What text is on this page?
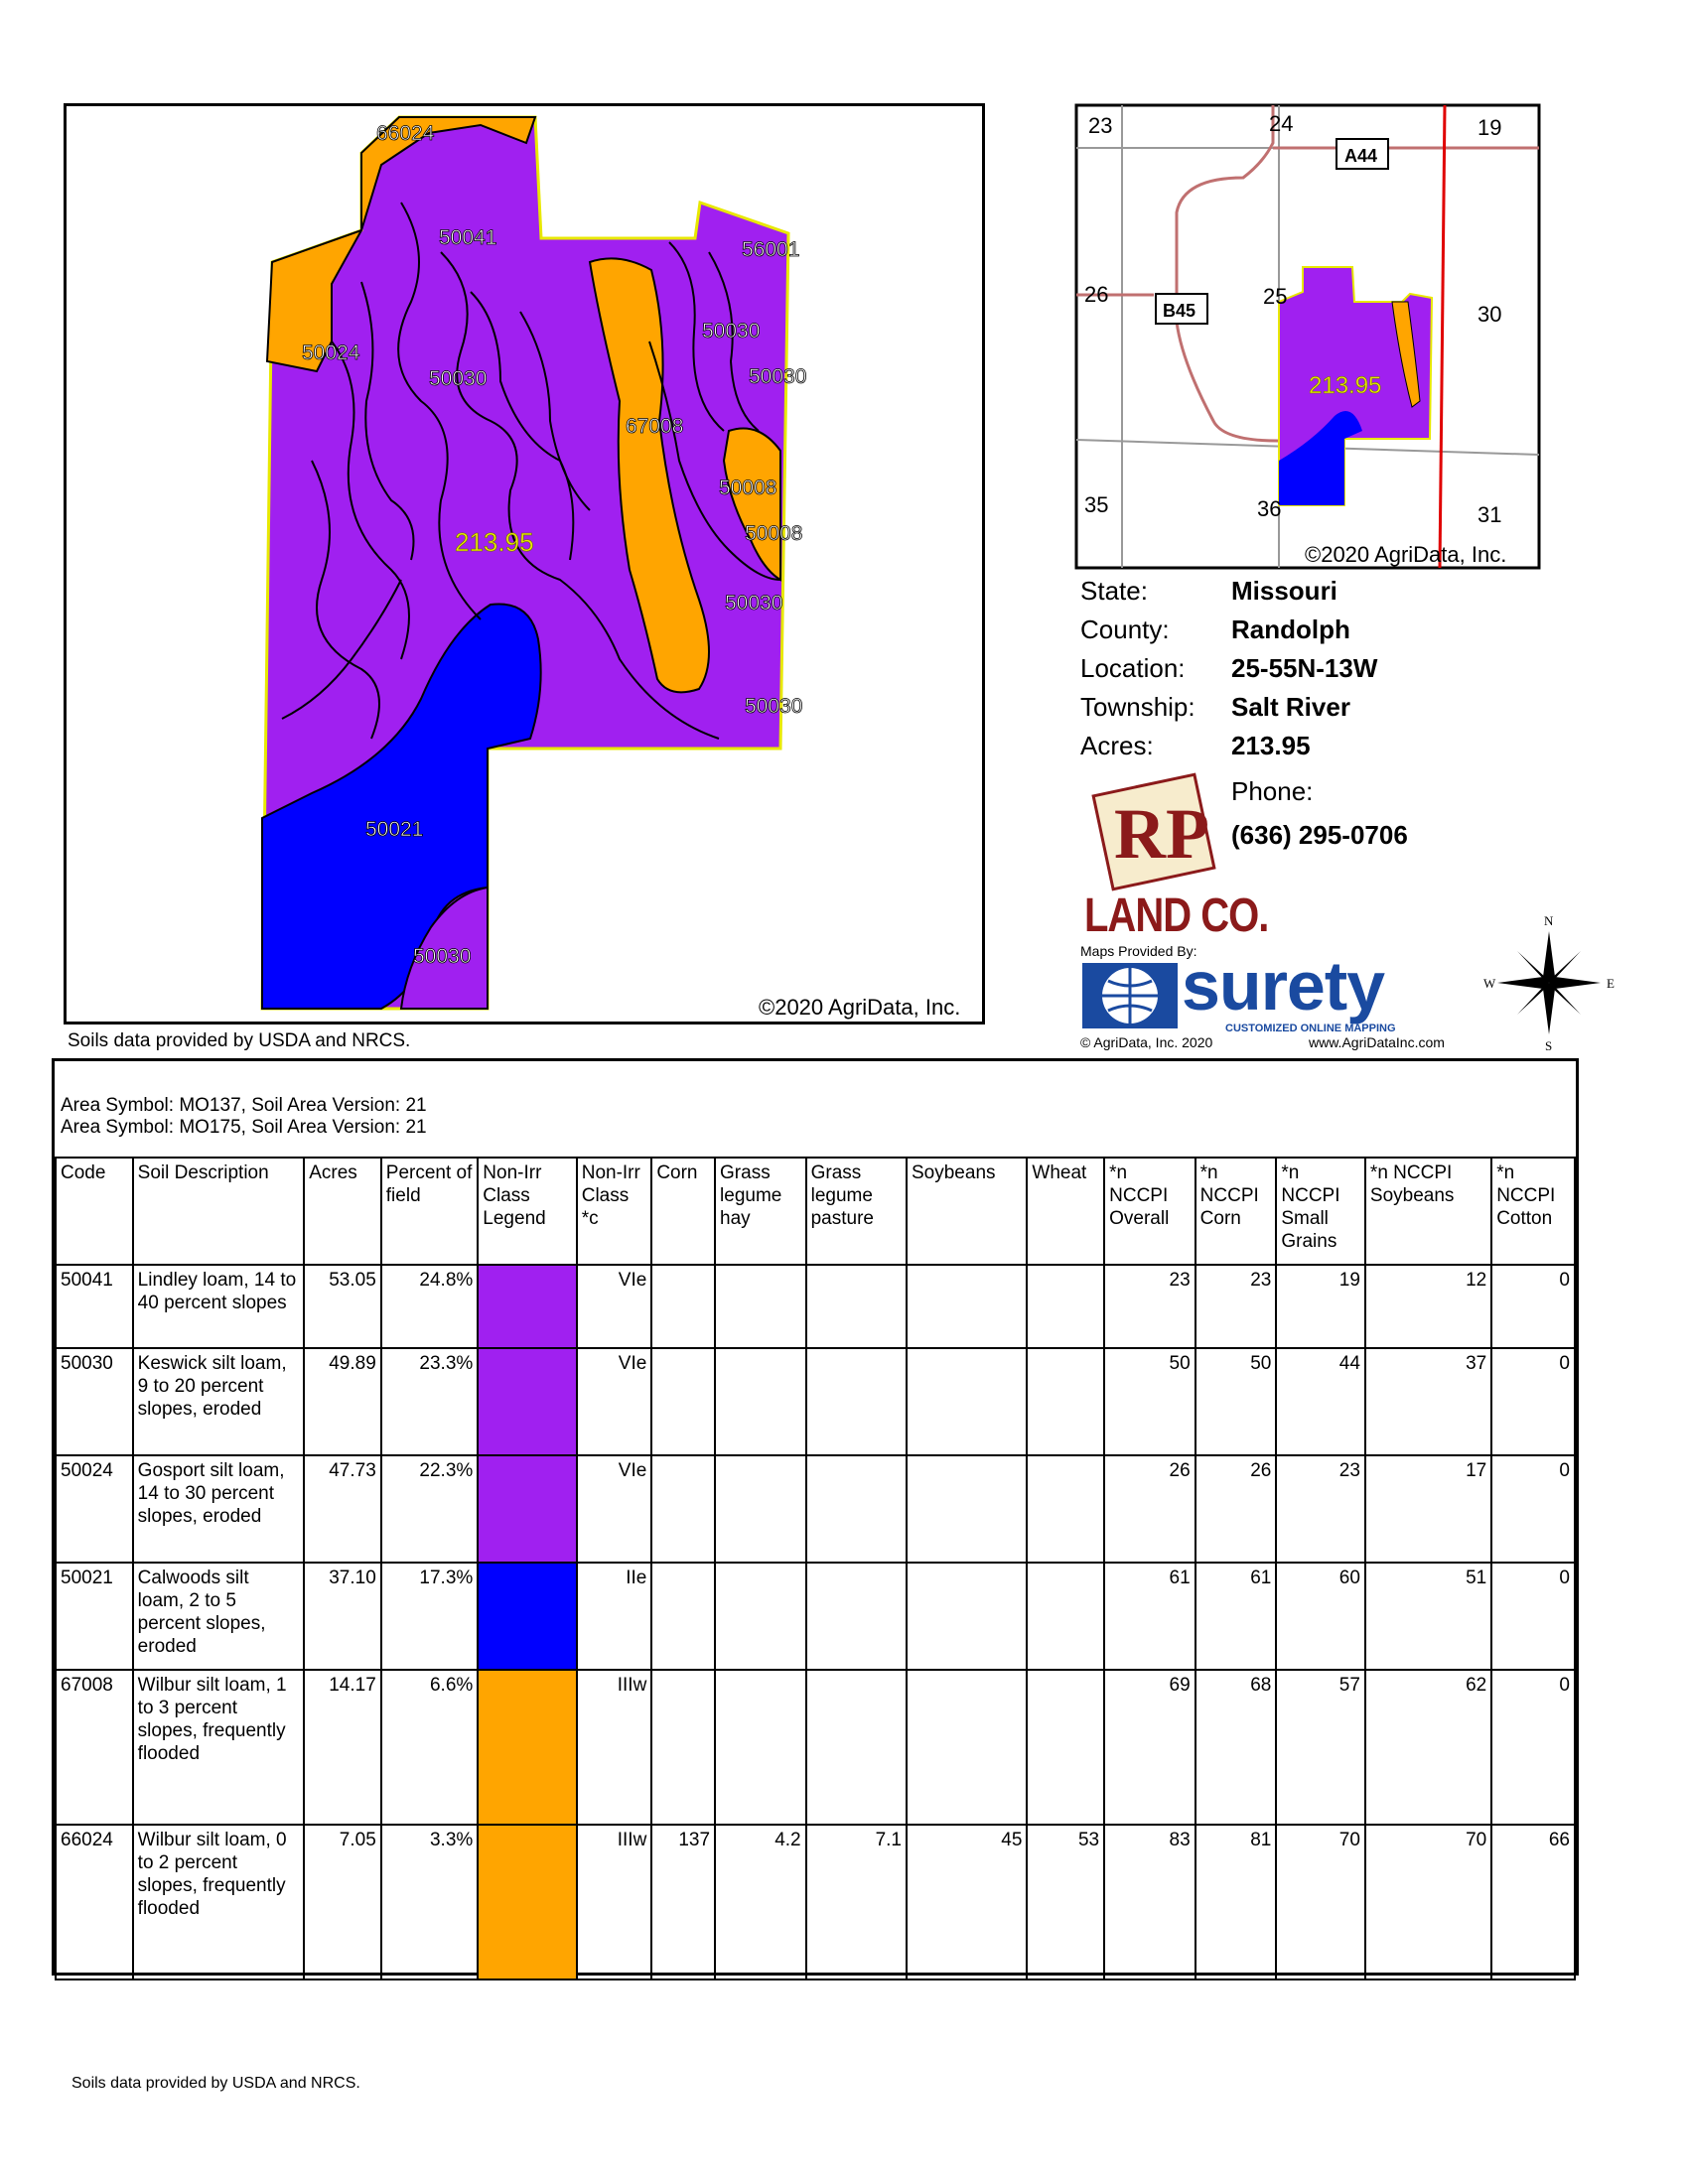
66024
50041
56001
50030
50030
50024
50030
67008
50008
50008
50030
50030
50021
50030
213.95
©2020 AgriData, Inc.
Soils data provided by USDA and NRCS.
23	24	19
26	25
30
35	36	31
A44
B45
213.95
©2020 AgriData, Inc.
State:	Missouri
County: Randolph
Location: 25-55N-13W
Township: Salt River
Acres:	213.95
Phone:
(636) 295-0706
RP
LAND CO.
Maps Provided By:
surety
CUSTOMIZED ONLINE MAPPING
© AgriData, Inc. 2020	www.AgriDataInc.com
N
S
W	E
Area Symbol: MO137, Soil Area Version: 21
Area Symbol: MO175, Soil Area Version: 21
Code	Soil Description	Acres	Percent of field	Non-Irr Class Legend	Non-Irr Class *c	Corn	Grass legume hay	Grass legume pasture	Soybeans	Wheat	*n NCCPI Overall	*n NCCPI Corn	*n NCCPI Small Grains	*n NCCPI Soybeans	*n NCCPI Cotton
50041	Lindley loam, 14 to 40 percent slopes	53.05	24.8%		VIe						23	23	19	12	0
50030	Keswick silt loam, 9 to 20 percent slopes, eroded	49.89	23.3%		VIe						50	50	44	37	0
50024	Gosport silt loam, 14 to 30 percent slopes, eroded	47.73	22.3%		VIe						26	26	23	17	0
50021	Calwoods silt loam, 2 to 5 percent slopes, eroded	37.10	17.3%		IIe						61	61	60	51	0
67008	Wilbur silt loam, 1 to 3 percent slopes, frequently flooded	14.17	6.6%		IIIw						69	68	57	62	0
66024	Wilbur silt loam, 0 to 2 percent slopes, frequently flooded	7.05	3.3%		IIIw	137	4.2	7.1	45	53	83	81	70	70	66
Soils data provided by USDA and NRCS.
